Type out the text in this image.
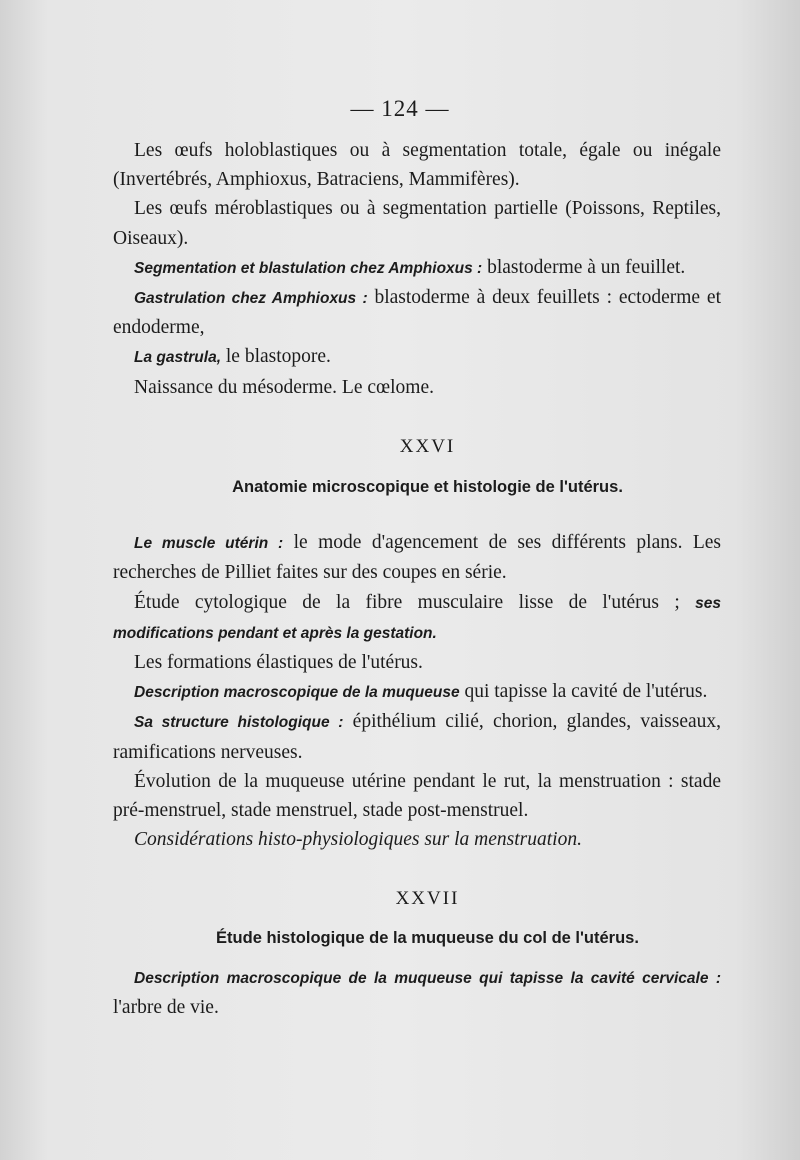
— 124 —

Les œufs holoblastiques ou à segmentation totale, égale ou inégale (Invertébrés, Amphioxus, Batraciens, Mammifères).

Les œufs méroblastiques ou à segmentation partielle (Poissons, Reptiles, Oiseaux).

Segmentation et blastulation chez Amphioxus : blastoderme à un feuillet.

Gastrulation chez Amphioxus : blastoderme à deux feuillets : ectoderme et endoderme,

La gastrula, le blastopore.

Naissance du mésoderme. Le cœlome.

XXVI

Anatomie microscopique et histologie de l'utérus.

Le muscle utérin : le mode d'agencement de ses différents plans. Les recherches de Pilliet faites sur des coupes en série.

Étude cytologique de la fibre musculaire lisse de l'utérus ; ses modifications pendant et après la gestation.

Les formations élastiques de l'utérus.

Description macroscopique de la muqueuse qui tapisse la cavité de l'utérus.

Sa structure histologique : épithélium cilié, chorion, glandes, vaisseaux, ramifications nerveuses.

Évolution de la muqueuse utérine pendant le rut, la menstruation : stade pré-menstruel, stade menstruel, stade post-menstruel.

Considérations histo-physiologiques sur la menstruation.

XXVII

Étude histologique de la muqueuse du col de l'utérus.

Description macroscopique de la muqueuse qui tapisse la cavité cervicale : l'arbre de vie.
